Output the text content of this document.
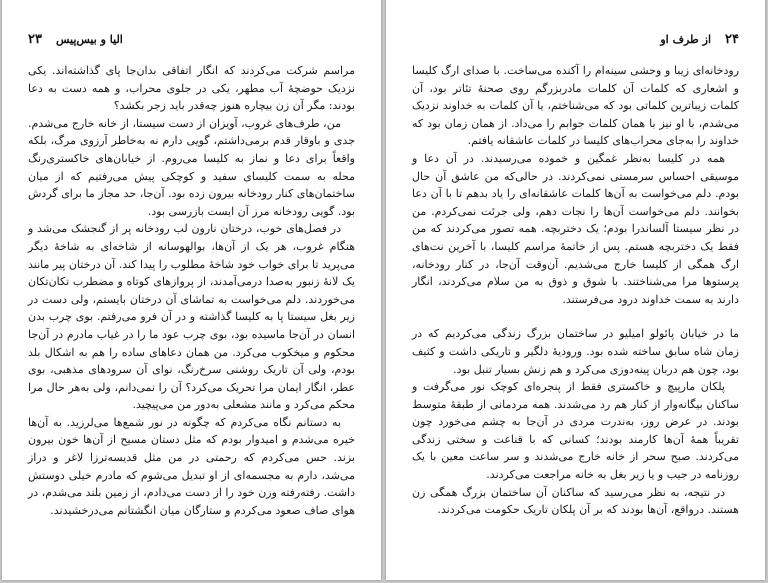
۲۳ الیا و بیس‌پیس

مراسم شرکت می‌کردند که انگار اتفاقی بدان‌جا پای گذاشته‌اند. یکی نزدیک حوضچهٔ آب مطهر، یکی در جلوی محراب، و همه دست به دعا بودند: مگر آن زن بیچاره هنوز چه‌قدر باید زجر بکشد؟

من، طرف‌های غروب، آویزان از دست سیستا، از خانه خارج می‌شدم. جدی و باوقار قدم برمی‌داشتم، گویی دارم نه به‌خاطر آرزوی مرگ، بلکه واقعاً برای دعا و نماز به کلیسا می‌روم. از خیابان‌های خاکستری‌رنگ محله به سمت کلیسای سفید و کوچکی پیش می‌رفتیم که از میان ساختمان‌های کنار رودخانه بیرون زده بود. آن‌جا، حد مجاز ما برای گردش بود. گویی رودخانه مرز آن ایست بازرسی بود.

در فصل‌های خوب، درختان نارون لب رودخانه پر از گنجشک می‌شد و هنگام غروب، هر یک از آن‌ها، بوالهوسانه از شاخه‌ای به شاخهٔ دیگر می‌پرید تا برای خواب خود شاخهٔ مطلوب را پیدا کند. آن درختان پیر مانند یک لانهٔ زنبور به‌صدا درمی‌آمدند، از پروازهای کوتاه و مضطرب تکان‌تکان می‌خوردند. دلم می‌خواست به تماشای آن درختان بایستم، ولی دست در زیر بغل سیستا پا به کلیسا گذاشته و در آن فرو می‌رفتم. بوی چرب بدن انسان در آن‌جا ماسیده بود، بوی چرب عود ما را در غیاب مادرم در آن‌جا محکوم و میخکوب می‌کرد. من همان دعاهای ساده را هم به اشکال بلد بودم، ولی آن تاریک روشنی سرخ‌رنگ، نوای آن سرودهای مذهبی، بوی عطر، انگار ایمان مرا تحریک می‌کرد؟ آن را نمی‌دانم، ولی به‌هر حال مرا محکم می‌کرد و مانند مشعلی به‌دور من می‌پیچید.

به دستانم نگاه می‌کردم که چگونه در نور شمع‌ها می‌لرزید. به آن‌ها خیره می‌شدم و امیدوار بودم که مثل دستان مسیح از آن‌ها خون بیرون بزند. حس می‌کردم که رحمتی در من مثل قدیسه‌ترزا لاغر و دراز می‌شد، دارم به مجسمه‌ای از او تبدیل می‌شوم که مادرم خیلی دوستش داشت. رفته‌رفته وزن خود را از دست می‌دادم، از زمین بلند می‌شدم، در هوای صاف صعود می‌کردم و ستارگان میان انگشتانم می‌درخشیدند.

۲۴
از طرف او

رودخانه‌ای زیبا و وحشی سینه‌ام را آکنده می‌ساخت. با صدای ارگ کلیسا و اشعاری که کلمات آن کلمات مادربزرگم روی صحنهٔ تئاتر بود، آن کلمات زیباترین کلماتی بود که می‌شناختم، یا آن کلمات به خداوند نزدیک می‌شدم، با او نیز با همان کلمات جوابم را می‌داد. از همان زمان بود که خداوند را به‌جای محراب‌های کلیسا در کلمات عاشقانه یافتم.

همه در کلیسا به‌نظر غمگین و خموده می‌رسیدند. در آن دعا و موسیقی احساس سرمستی نمی‌کردند. در حالی‌که من عاشق آن حال بودم. دلم می‌خواست به آن‌ها کلمات عاشقانه‌ای را یاد بدهم تا با آن دعا بخوانند. دلم می‌خواست آن‌ها را نجات دهم، ولی جرئت نمی‌کردم. من در نظر سیستا آلساندرا بودم؛ یک دختربچه. همه تصور می‌کردند که من فقط یک دختربچه هستم. پس از خاتمهٔ مراسم کلیسا، با آخرین نت‌های ارگ همگی از کلیسا خارج می‌شدیم. آن‌وقت آن‌جا، در کنار رودخانه، پرستوها مرا می‌شناختند. با شوق و ذوق به من سلام می‌کردند، انگار دارند به سمت خداوند درود می‌فرستند.

ما در خیابان پائولو امیلیو در ساختمان بزرگ زندگی می‌کردیم که در زمان شاه سابق ساخته شده بود. ورودیهٔ دلگیر و تاریکی داشت و کثیف بود، چون هم دربان پینه‌دوزی می‌کرد و هم زنش بسیار تنبل بود.

پلکان مارپیچ و خاکستری فقط از پنجره‌ای کوچک نور می‌گرفت و ساکنان بیگانه‌وار از کنار هم رد می‌شدند. همه مردمانی از طبقهٔ متوسط بودند. در عرض روز، به‌ندرت مردی در آن‌جا به چشم می‌خورد چون تقریباً همهٔ آن‌ها کارمند بودند؛ کسانی که با قناعت و سختی زندگی می‌کردند. صبح سحر از خانه خارج می‌شدند و سر ساعت معین با یک روزنامه در جیب و یا زیر بغل به خانه مراجعت می‌کردند.

در نتیجه، به نظر می‌رسید که ساکنان آن ساختمان بزرگ همگی زن هستند. درواقع، آن‌ها بودند که بر آن پلکان تاریک حکومت می‌کردند.
